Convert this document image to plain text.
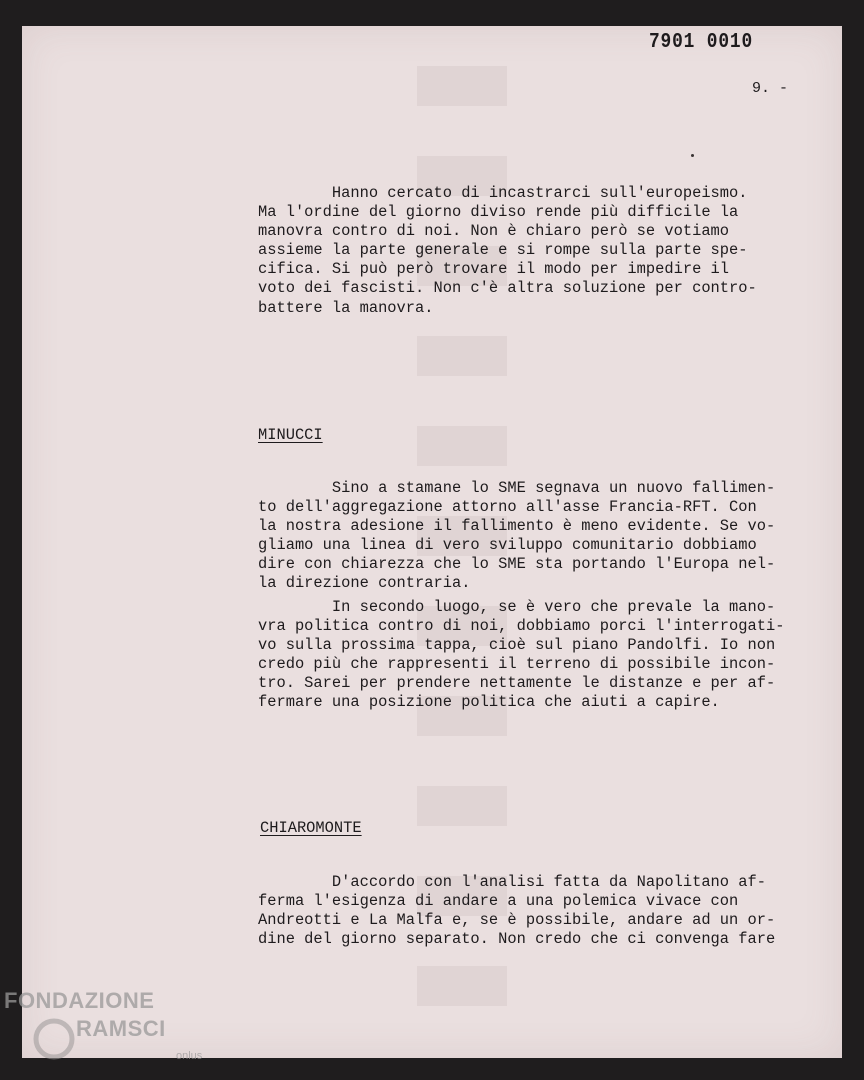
7901 0010
9. -

Hanno cercato di incastrarci sull'europeismo.
Ma l'ordine del giorno diviso rende più difficile la
manovra contro di noi. Non è chiaro però se votiamo
assieme la parte generale e si rompe sulla parte spe-
cifica. Si può però trovare il modo per impedire il
voto dei fascisti. Non c'è altra soluzione per contro-
battere la manovra.

MINUCCI

Sino a stamane lo SME segnava un nuovo fallimen-
to dell'aggregazione attorno all'asse Francia-RFT. Con
la nostra adesione il fallimento è meno evidente. Se vo-
gliamo una linea di vero sviluppo comunitario dobbiamo
dire con chiarezza che lo SME sta portando l'Europa nel-
la direzione contraria.

In secondo luogo, se è vero che prevale la mano-
vra politica contro di noi, dobbiamo porci l'interrogati-
vo sulla prossima tappa, cioè sul piano Pandolfi. Io non
credo più che rappresenti il terreno di possibile incon-
tro. Sarei per prendere nettamente le distanze e per af-
fermare una posizione politica che aiuti a capire.

CHIAROMONTE

D'accordo con l'analisi fatta da Napolitano af-
ferma l'esigenza di andare a una polemica vivace con
Andreotti e La Malfa e, se è possibile, andare ad un or-
dine del giorno separato. Non credo che ci convenga fare

FONDAZIONE
G RAMSCI
onlus
